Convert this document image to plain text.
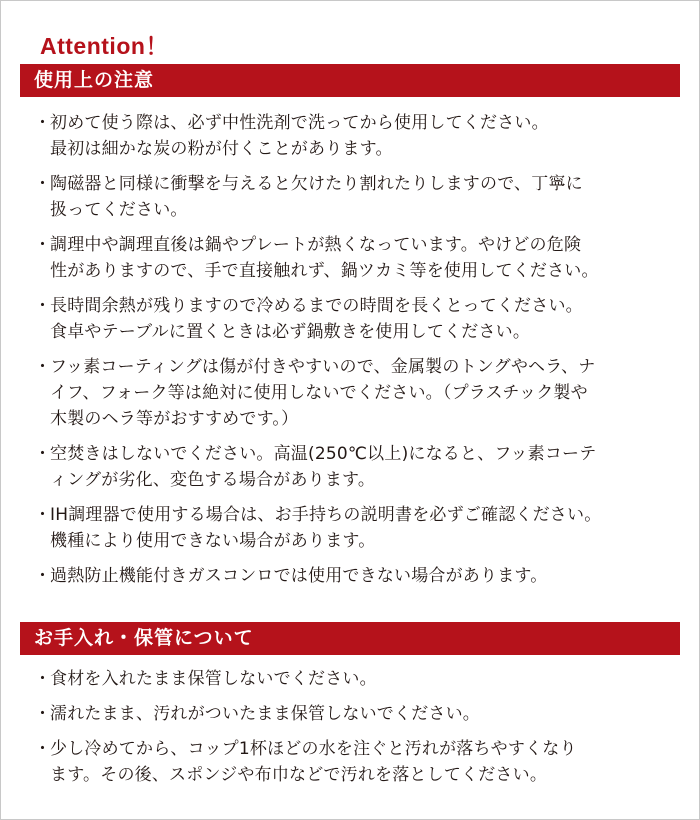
Attention！
使用上の注意
・
初めて使う際は、必ず中性洗剤で洗ってから使用してください。
最初は細かな炭の粉が付くことがあります。
・
陶磁器と同様に衝撃を与えると欠けたり割れたりしますので、丁寧に
扱ってください。
・
調理中や調理直後は鍋やプレートが熱くなっています。やけどの危険
性がありますので、手で直接触れず、鍋ツカミ等を使用してください。
・
長時間余熱が残りますので冷めるまでの時間を長くとってください。
食卓やテーブルに置くときは必ず鍋敷きを使用してください。
・
フッ素コーティングは傷が付きやすいので、金属製のトングやヘラ、ナ
イフ、フォーク等は絶対に使用しないでください。（プラスチック製や
木製のヘラ等がおすすめです。）
・
空焚きはしないでください。高温(250℃以上)になると、フッ素コーテ
ィングが劣化、変色する場合があります。
・
IH調理器で使用する場合は、お手持ちの説明書を必ずご確認ください。
機種により使用できない場合があります。
・
過熱防止機能付きガスコンロでは使用できない場合があります。
お手入れ・保管について
・
食材を入れたまま保管しないでください。
・
濡れたまま、汚れがついたまま保管しないでください。
・
少し冷めてから、コップ1杯ほどの水を注ぐと汚れが落ちやすくなり
ます。その後、スポンジや布巾などで汚れを落としてください。
